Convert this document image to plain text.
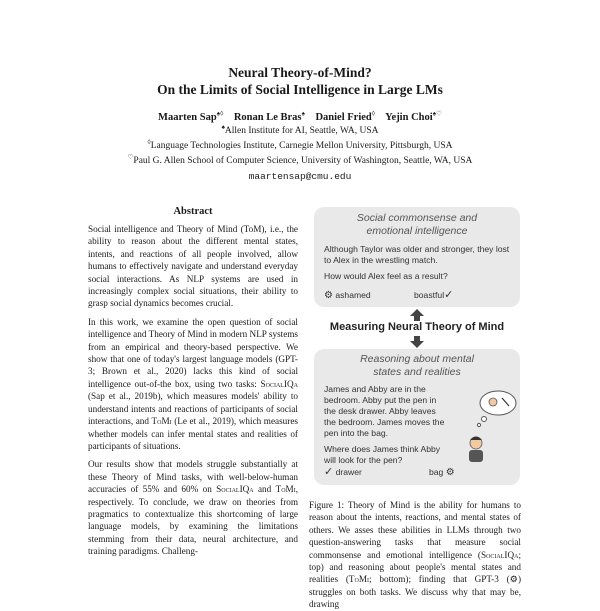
Neural Theory-of-Mind?
On the Limits of Social Intelligence in Large LMs
Maarten Sap♠◊ Ronan Le Bras♠ Daniel Fried◊ Yejin Choi♠♡
♠Allen Institute for AI, Seattle, WA, USA
◊Language Technologies Institute, Carnegie Mellon University, Pittsburgh, USA
♡Paul G. Allen School of Computer Science, University of Washington, Seattle, WA, USA
maartensap@cmu.edu
Abstract

Social intelligence and Theory of Mind (ToM), i.e., the ability to reason about the different mental states, intents, and reactions of all people involved, allow humans to effectively navigate and understand everyday social interactions. As NLP systems are used in increasingly complex social situations, their ability to grasp social dynamics becomes crucial.

In this work, we examine the open question of social intelligence and Theory of Mind in modern NLP systems from an empirical and theory-based perspective. We show that one of today's largest language models (GPT-3; Brown et al., 2020) lacks this kind of social intelligence out-of-the box, using two tasks: SocialIQa (Sap et al., 2019b), which measures models' ability to understand intents and reactions of participants of social interactions, and ToMi (Le et al., 2019), which measures whether models can infer mental states and realities of participants of situations.

Our results show that models struggle substantially at these Theory of Mind tasks, with well-below-human accuracies of 55% and 60% on SocialIQa and ToMi, respectively. To conclude, we draw on theories from pragmatics to contextualize this shortcoming of large language models, by examining the limitations stemming from their data, neural architecture, and training paradigms. Challeng-

Social commonsense and emotional intelligence
Although Taylor was older and stronger, they lost to Alex in the wrestling match.
How would Alex feel as a result?
⚙ ashamed	boastful✓
Measuring Neural Theory of Mind
Reasoning about mental states and realities
James and Abby are in the bedroom. Abby put the pen in the desk drawer. Abby leaves the bedroom. James moves the pen into the bag.
Where does James think Abby will look for the pen?
✓ drawer	bag ⚙
Figure 1: Theory of Mind is the ability for humans to reason about the intents, reactions, and mental states of others. We asses these abilities in LLMs through two question-answering tasks that measure social commonsense and emotional intelligence (SocialIQa; top) and reasoning about people's mental states and realities (ToMi; bottom); finding that GPT-3 (⚙) struggles on both tasks. We discuss why that may be, drawing
